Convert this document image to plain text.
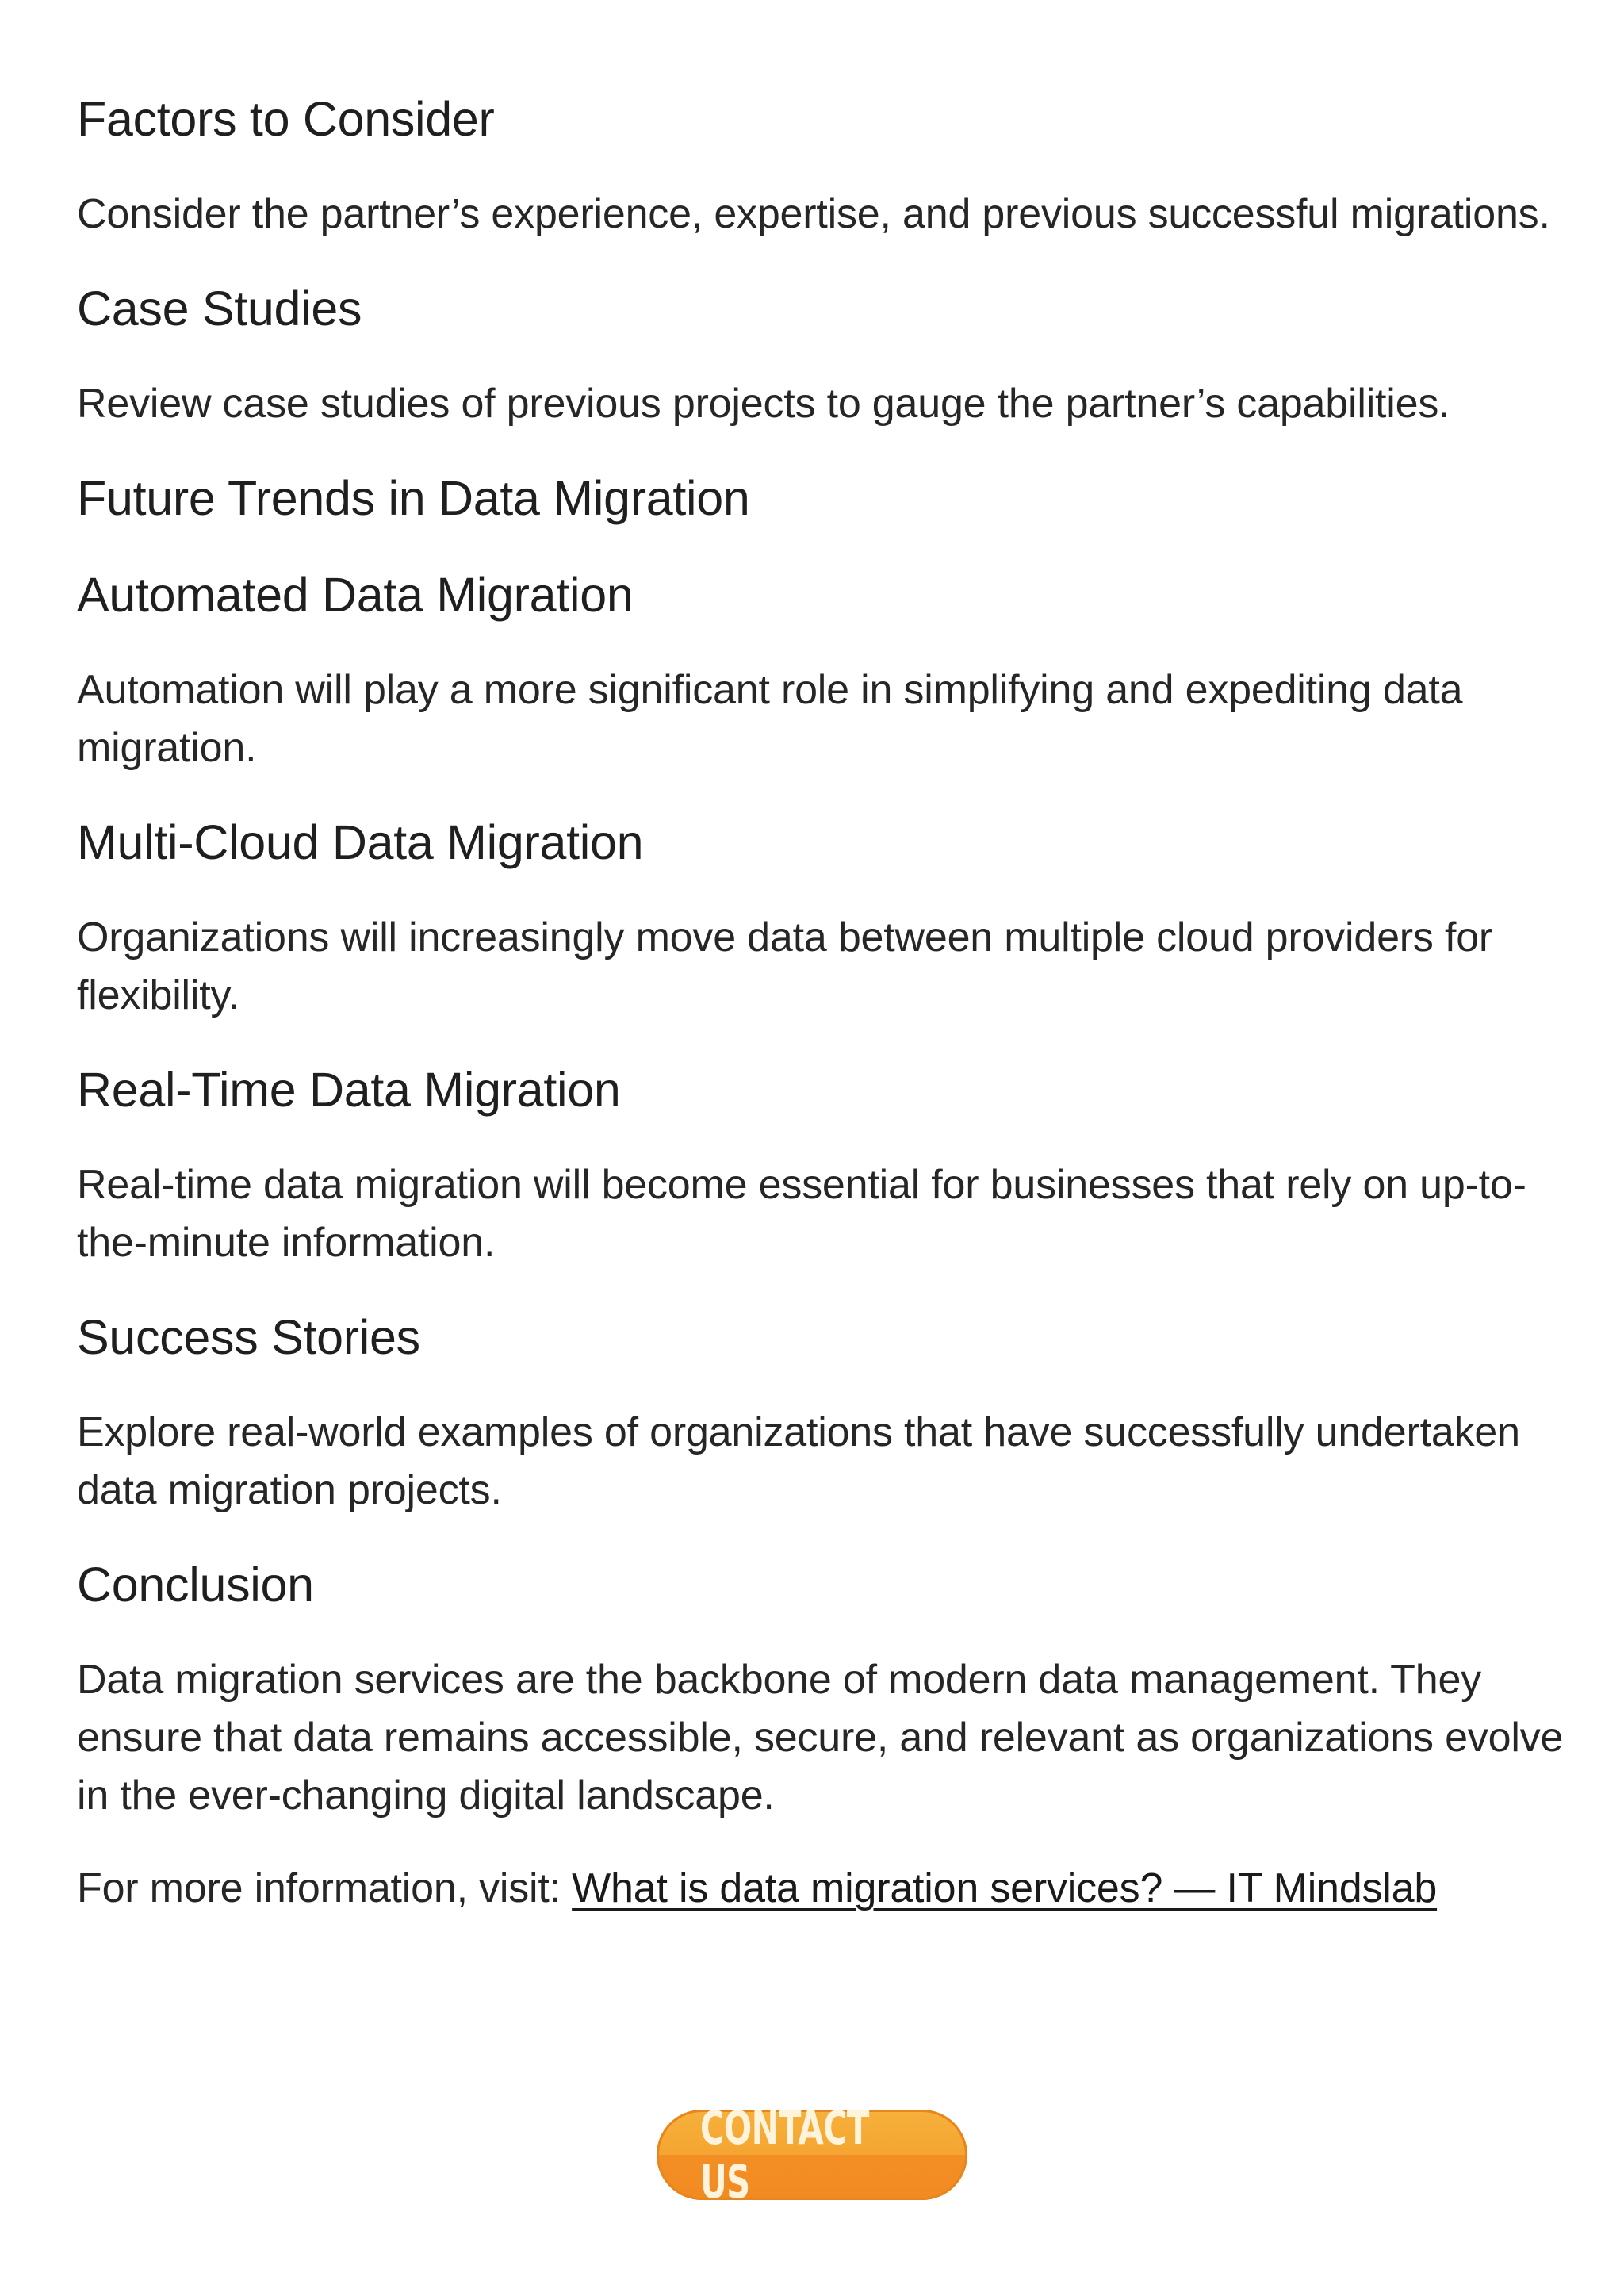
Factors to Consider

Consider the partner’s experience, expertise, and previous successful migrations.

Case Studies

Review case studies of previous projects to gauge the partner’s capabilities.

Future Trends in Data Migration
Automated Data Migration

Automation will play a more significant role in simplifying and expediting data migration.

Multi-Cloud Data Migration

Organizations will increasingly move data between multiple cloud providers for flexibility.

Real-Time Data Migration

Real-time data migration will become essential for businesses that rely on up-to-the-minute information.

Success Stories

Explore real-world examples of organizations that have successfully undertaken data migration projects.

Conclusion

Data migration services are the backbone of modern data management. They ensure that data remains accessible, secure, and relevant as organizations evolve in the ever-changing digital landscape.

For more information, visit: What is data migration services? — IT Mindslab

CONTACT US
